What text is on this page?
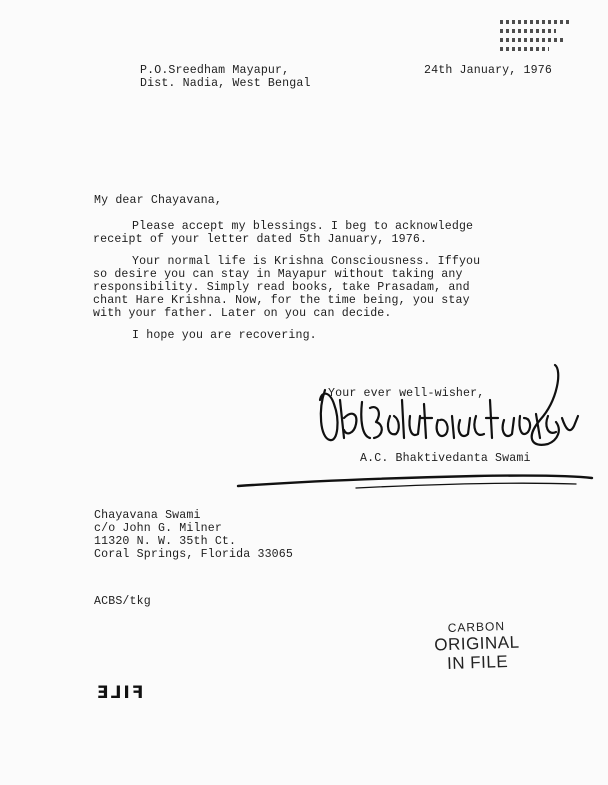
P.O.Sreedham Mayapur,
Dist. Nadia, West Bengal
24th January, 1976
My dear Chayavana,
Please accept my blessings. I beg to acknowledge
receipt of your letter dated 5th January, 1976.
Your normal life is Krishna Consciousness. Iffyou
so desire you can stay in Mayapur without taking any
responsibility. Simply read books, take Prasadam, and
chant Hare Krishna. Now, for the time being, you stay
with your father. Later on you can decide.
I hope you are recovering.
Your ever well-wisher,
A.C. Bhaktivedanta Swami
Chayavana Swami
c/o John G. Milner
11320 N. W. 35th Ct.
Coral Springs, Florida 33065
ACBS/tkg
CARBON
ORIGINAL
IN FILE
FILE
